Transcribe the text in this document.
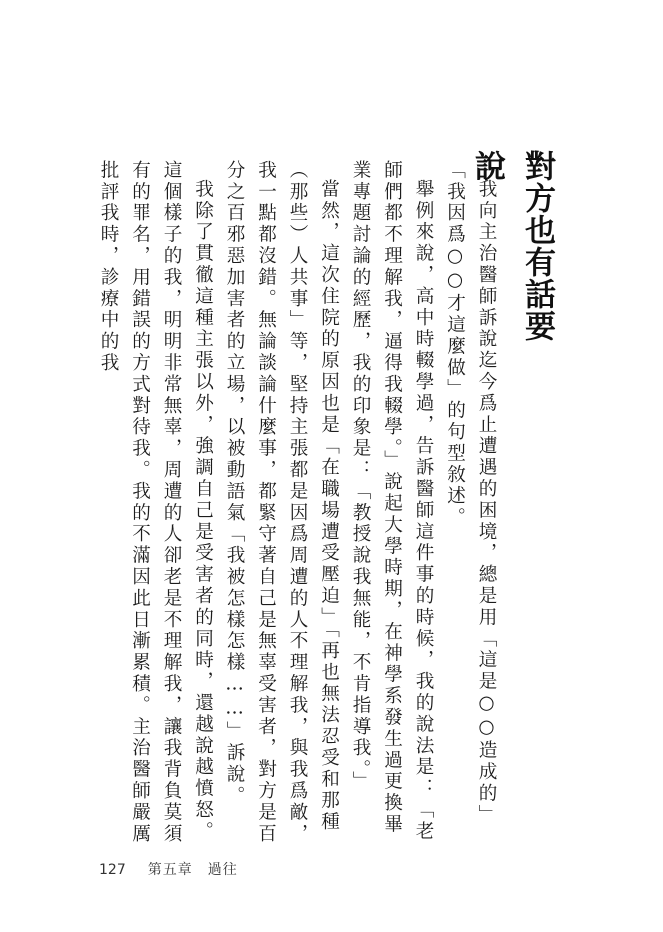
對方也有話要說

我向主治醫師訴說迄今爲止遭遇的困境，總是用「這是○○造成的」「我因爲○○才這麼做」的句型敘述。

舉例來說，高中時輟學過，告訴醫師這件事的時候，我的說法是：「老師們都不理解我，逼得我輟學。」說起大學時期，在神學系發生過更換畢業專題討論的經歷，我的印象是：「教授說我無能，不肯指導我。」

當然，這次住院的原因也是「在職場遭受壓迫」「再也無法忍受和那種（那些）人共事」等，堅持主張都是因爲周遭的人不理解我，與我爲敵，我一點都沒錯。無論談論什麼事，都緊守著自己是無辜受害者，對方是百分之百邪惡加害者的立場，以被動語氣「我被怎樣怎樣……」訴說。

我除了貫徹這種主張以外，強調自己是受害者的同時，還越說越憤怒。這個樣子的我，明明非常無辜，周遭的人卻老是不理解我，讓我背負莫須有的罪名，用錯誤的方式對待我。我的不滿因此日漸累積。主治醫師嚴厲批評我時，診療中的我

127 第五章　過往
